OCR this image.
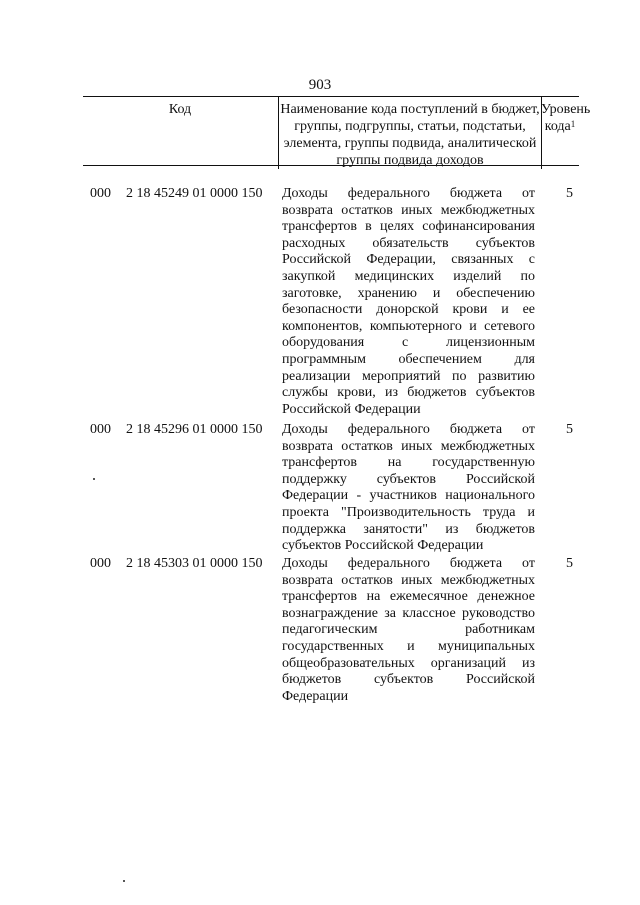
903
Код	Наименование кода поступлений в бюджет, группы, подгруппы, статьи, подстатьи, элемента, группы подвида, аналитической группы подвида доходов
Уровень кода$^1$
000 2 18 45249 01 0000 150 Доходы федерального бюджета от возврата остатков иных межбюджетных трансфертов в целях софинансирования расходных обязательств субъектов Российской Федерации, связанных с закупкой медицинских изделий по заготовке, хранению и обеспечению безопасности донорской крови и ее компонентов, компьютерного и сетевого оборудования с лицензионным программным обеспечением для реализации мероприятий по развитию службы крови, из бюджетов субъектов Российской Федерации

5
000 2 18 45296 01 0000 150 Доходы федерального бюджета от возврата остатков иных межбюджетных трансфертов на государственную поддержку субъектов Российской Федерации - участников национального проекта "Производительность труда и поддержка занятости" из бюджетов субъектов Российской Федерации

5
000 2 18 45303 01 0000 150 Доходы федерального бюджета от возврата остатков иных межбюджетных трансфертов на ежемесячное денежное вознаграждение за классное руководство педагогическим работникам государственных и муниципальных общеобразовательных организаций из бюджетов субъектов Российской Федерации

5
